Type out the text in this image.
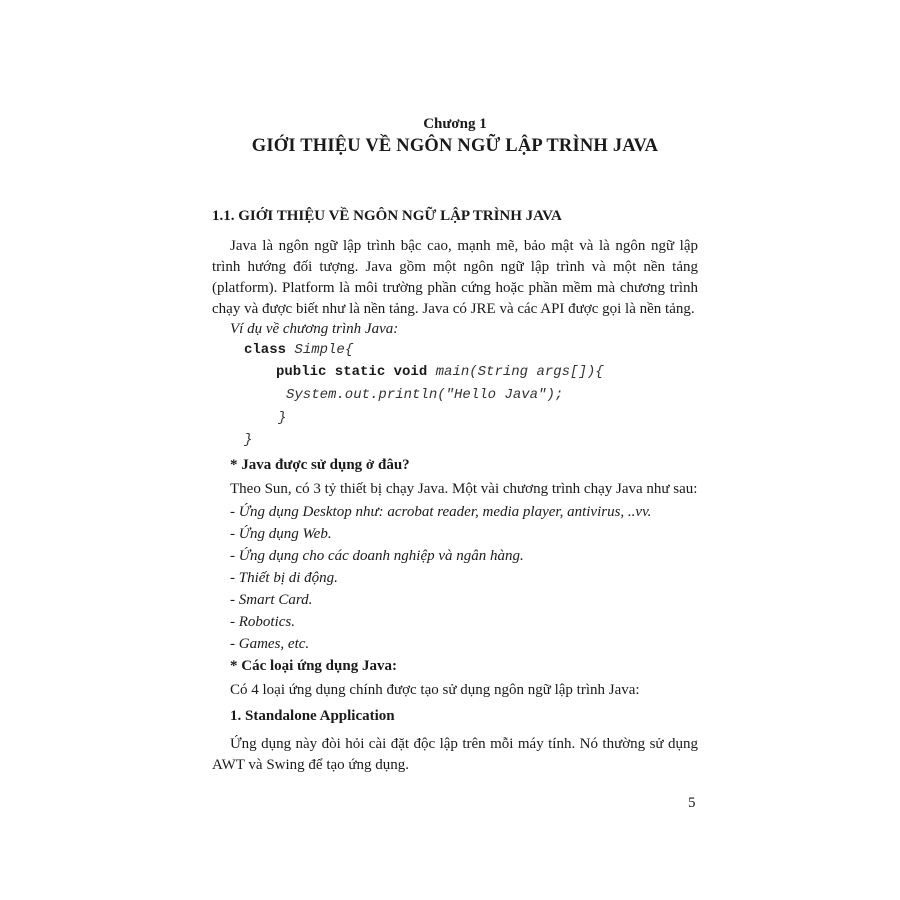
Chương 1
GIỚI THIỆU VỀ NGÔN NGỮ LẬP TRÌNH JAVA
1.1. GIỚI THIỆU VỀ NGÔN NGỮ LẬP TRÌNH JAVA
Java là ngôn ngữ lập trình bậc cao, mạnh mẽ, bảo mật và là ngôn ngữ lập trình hướng đối tượng. Java gồm một ngôn ngữ lập trình và một nền tảng (platform). Platform là môi trường phần cứng hoặc phần mềm mà chương trình chạy và được biết như là nền tảng. Java có JRE và các API được gọi là nền tảng.
Ví dụ về chương trình Java:
class Simple{
public static void main(String args[]){
System.out.println("Hello Java");
}
}
* Java được sử dụng ở đâu?
Theo Sun, có 3 tỷ thiết bị chạy Java. Một vài chương trình chạy Java như sau:
- Ứng dụng Desktop như: acrobat reader, media player, antivirus, ..vv.
- Ứng dụng Web.
- Ứng dụng cho các doanh nghiệp và ngân hàng.
- Thiết bị di động.
- Smart Card.
- Robotics.
- Games, etc.
* Các loại ứng dụng Java:
Có 4 loại ứng dụng chính được tạo sử dụng ngôn ngữ lập trình Java:
1. Standalone Application
Ứng dụng này đòi hỏi cài đặt độc lập trên mỗi máy tính. Nó thường sử dụng AWT và Swing để tạo ứng dụng.
5
